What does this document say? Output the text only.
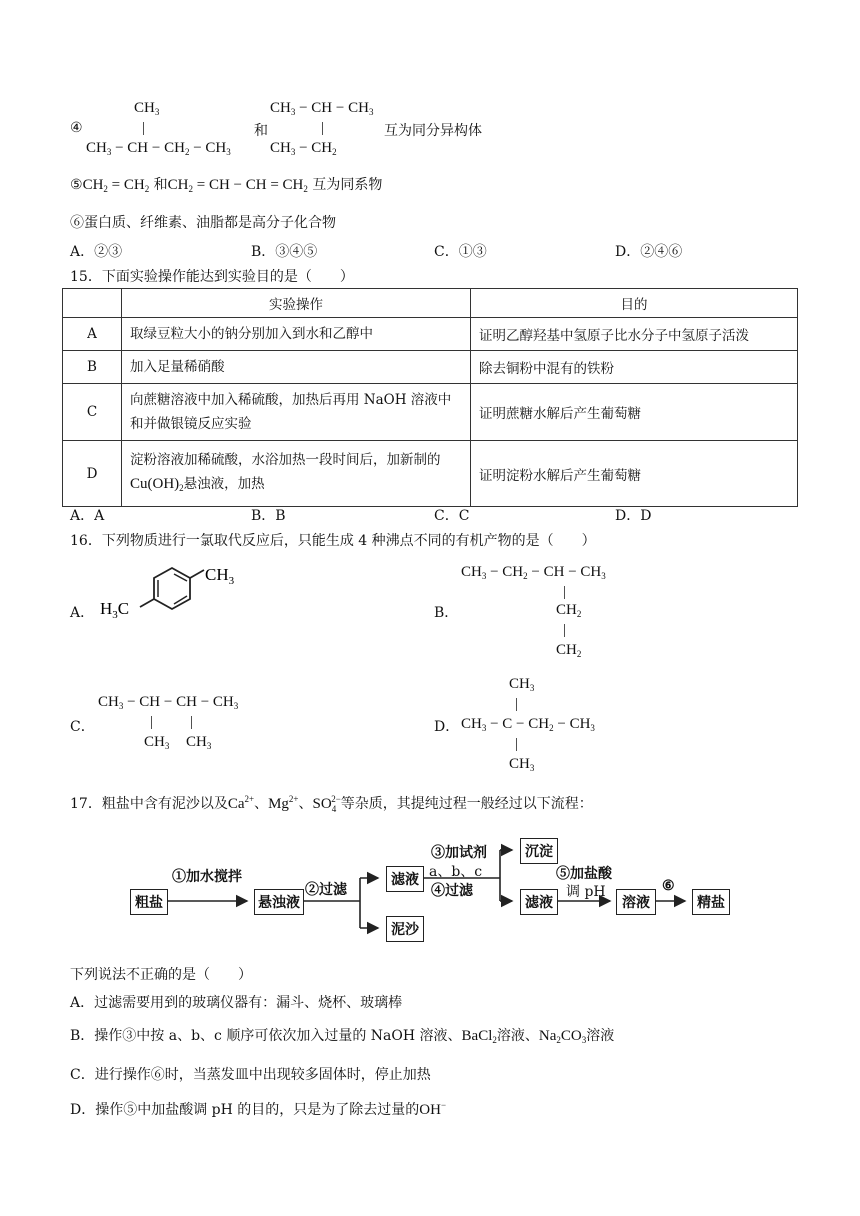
④
$CH_3$
|
$CH_3$ − CH − $CH_2 - CH_3$
和
$CH_3$ − CH − $CH_3$
|
$CH_3 - CH_2$
互为同分异构体
$⑤CH_2 = CH_2$ 和$CH_2$ = CH − CH = $CH_2$ 互为同系物
⑥蛋白质、纤维素、油脂都是高分子化合物
A．②③	B．③④⑤	C．①③	D．②④⑥
15．下面实验操作能达到实验目的是（　　）
	实验操作	目的
A	取绿豆粒大小的钠分别加入到水和乙醇中	证明乙醇羟基中氢原子比水分子中氢原子活泼
B	加入足量稀硝酸	除去铜粉中混有的铁粉
C	向蔗糖溶液中加入稀硫酸，加热后再用 NaOH 溶液中和并做银镜反应实验	证明蔗糖水解后产生葡萄糖
D	淀粉溶液加稀硫酸，水浴加热一段时间后，加新制的$Cu(OH)_2$悬浊液，加热	证明淀粉水解后产生葡萄糖
A．A	B．B	C．C	D．D
16．下列物质进行一氯取代反应后，只能生成 4 种沸点不同的有机产物的是（　　）
A． $H_3C$
$CH_3$
B．
$CH_3 - CH_2$ − CH − $CH_3$
|
$CH_2$
|
$CH_2$
C．
$CH_3$ − CH − CH − $CH_3$
| |
$CH_3$ $CH_3$
D．
$CH_3$
|
$CH_3 - C - CH_2 - CH_3$
|
$CH_3$
17．粗盐中含有泥沙以及$Ca^{2+}$、$Mg^{2+}$、$SO_4^{2-}$等杂质，其提纯过程一般经过以下流程：
粗盐	悬浊液
滤液
泥沙
沉淀
滤液	溶液	精盐
①加水搅拌
②过滤
③加试剂
a、b、c
④过滤
⑤加盐酸
调 pH	⑥
下列说法不正确的是（　　）
A．过滤需要用到的玻璃仪器有：漏斗、烧杯、玻璃棒
B．操作③中按 a、b、c 顺序可依次加入过量的 NaOH 溶液、BaCl$_2$溶液、$Na_2CO_3$溶液
C．进行操作⑥时，当蒸发皿中出现较多固体时，停止加热
D．操作⑤中加盐酸调 pH 的目的，只是为了除去过量的OH−
